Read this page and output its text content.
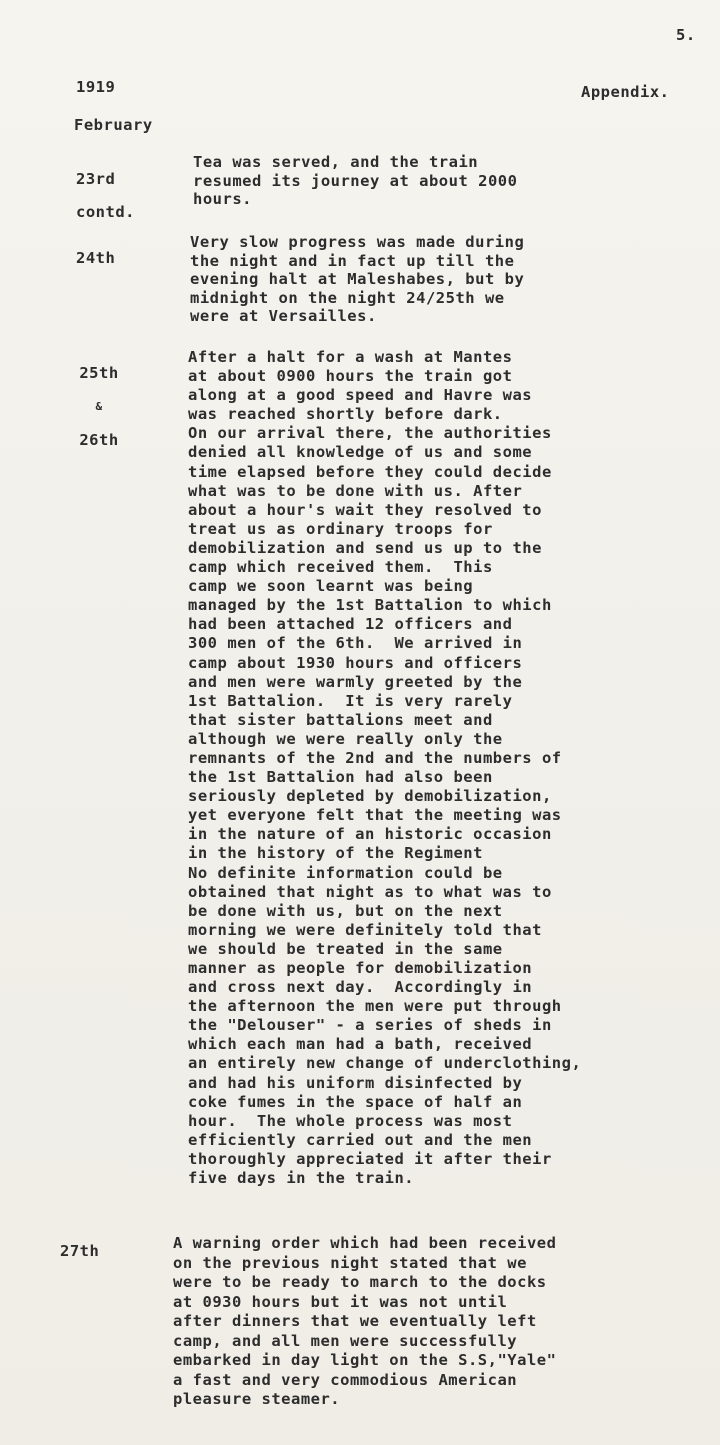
5.
1919	Appendix.
February

23rd

contd.

Tea was served, and the train
resumed its journey at about 2000
hours.

24th

Very slow progress was made during
the night and in fact up till the
evening halt at Maleshabes, but by
midnight on the night 24/25th we
were at Versailles.

25th

&

26th

After a halt for a wash at Mantes
at about 0900 hours the train got
along at a good speed and Havre was
was reached shortly before dark.
On our arrival there, the authorities
denied all knowledge of us and some
time elapsed before they could decide
what was to be done with us. After
about a hour's wait they resolved to
treat us as ordinary troops for
demobilization and send us up to the
camp which received them.  This
camp we soon learnt was being
managed by the 1st Battalion to which
had been attached 12 officers and
300 men of the 6th.  We arrived in
camp about 1930 hours and officers
and men were warmly greeted by the
1st Battalion.  It is very rarely
that sister battalions meet and
although we were really only the
remnants of the 2nd and the numbers of
the 1st Battalion had also been
seriously depleted by demobilization,
yet everyone felt that the meeting was
in the nature of an historic occasion
in the history of the Regiment
No definite information could be
obtained that night as to what was to
be done with us, but on the next
morning we were definitely told that
we should be treated in the same
manner as people for demobilization
and cross next day.  Accordingly in
the afternoon the men were put through
the "Delouser" - a series of sheds in
which each man had a bath, received
an entirely new change of underclothing,
and had his uniform disinfected by
coke fumes in the space of half an
hour.  The whole process was most
efficiently carried out and the men
thoroughly appreciated it after their
five days in the train.

27th	A warning order which had been received
on the previous night stated that we
were to be ready to march to the docks
at 0930 hours but it was not until
after dinners that we eventually left
camp, and all men were successfully
embarked in day light on the S.S,"Yale"
a fast and very commodious American
pleasure steamer.
